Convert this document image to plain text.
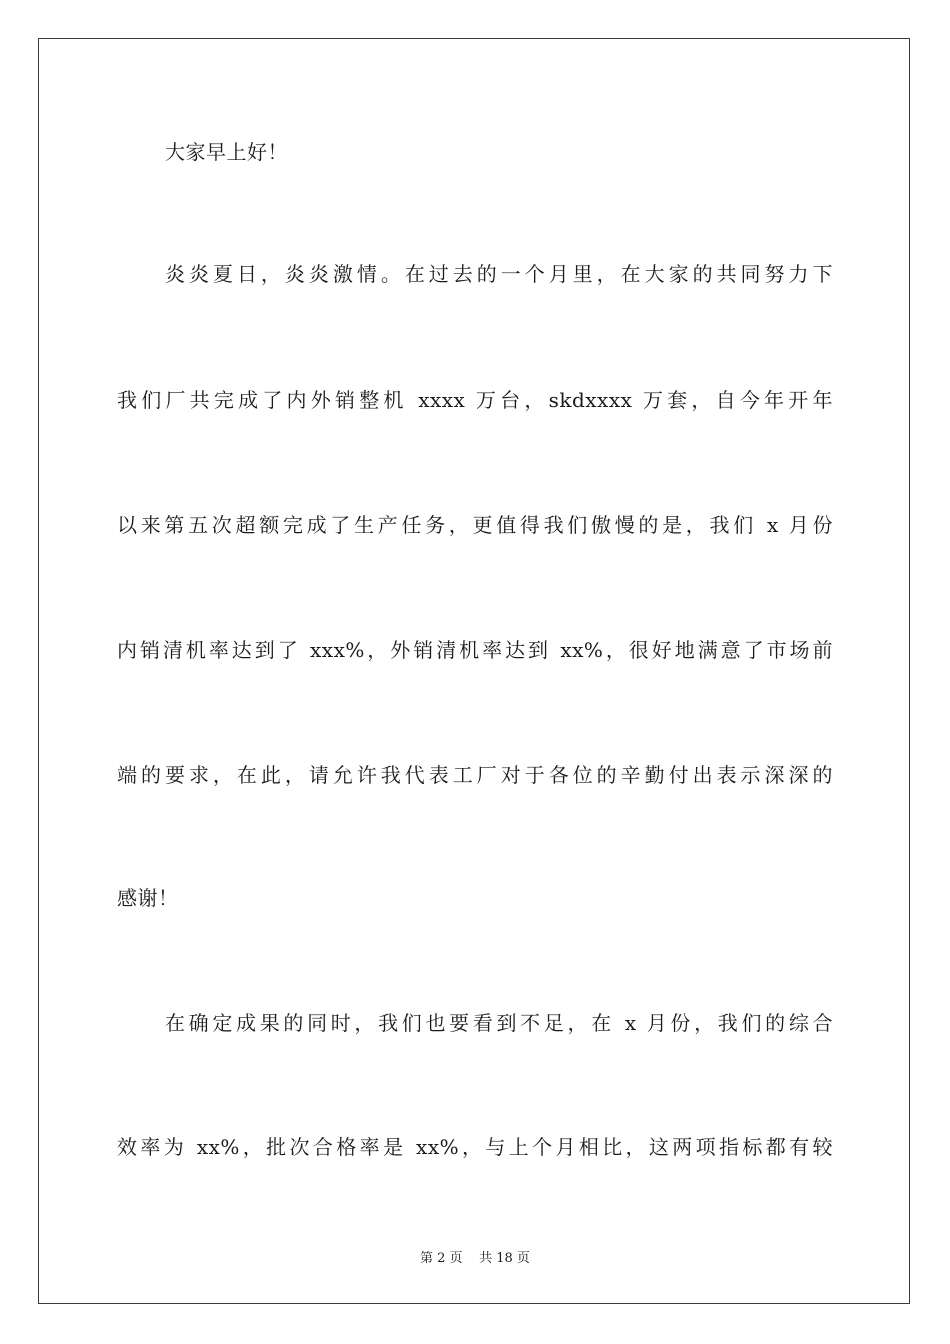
大家早上好！
炎炎夏日，炎炎激情。在过去的一个月里，在大家的共同努力下
我们厂共完成了内外销整机 xxxx 万台，skdxxxx 万套，自今年开年
以来第五次超额完成了生产任务，更值得我们傲慢的是，我们 x 月份
内销清机率达到了 xxx%，外销清机率达到 xx%，很好地满意了市场前
端的要求，在此，请允许我代表工厂对于各位的辛勤付出表示深深的
感谢！
在确定成果的同时，我们也要看到不足，在 x 月份，我们的综合
效率为 xx%，批次合格率是 xx%，与上个月相比，这两项指标都有较
第 2 页 共 18 页
